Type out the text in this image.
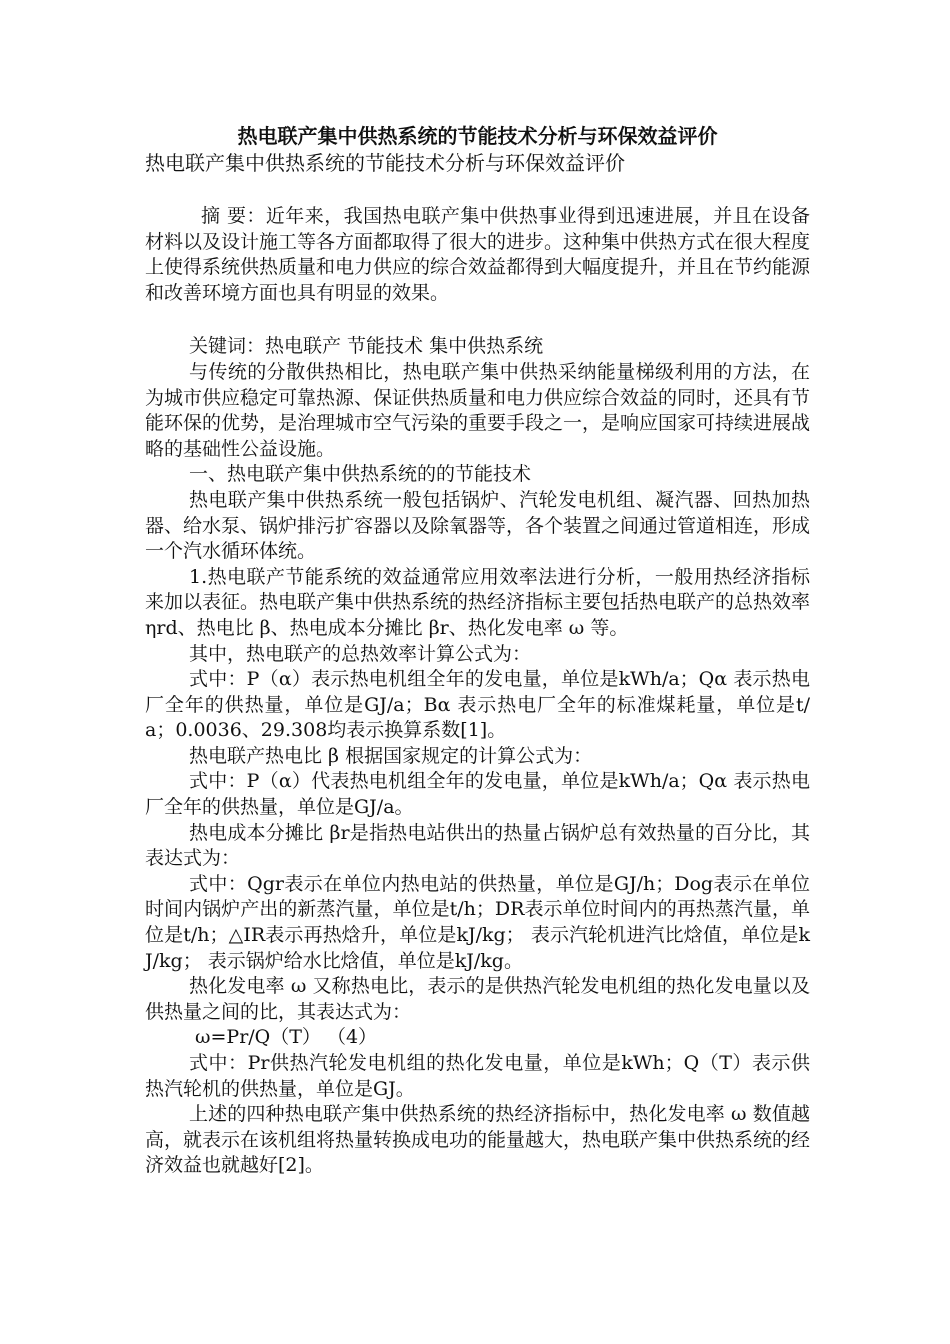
热电联产集中供热系统的节能技术分析与环保效益评价

热电联产集中供热系统的节能技术分析与环保效益评价

摘 要：近年来，我国热电联产集中供热事业得到迅速进展，并且在设备材料以及设计施工等各方面都取得了很大的进步。这种集中供热方式在很大程度上使得系统供热质量和电力供应的综合效益都得到大幅度提升，并且在节约能源和改善环境方面也具有明显的效果。

关键词：热电联产 节能技术 集中供热系统

与传统的分散供热相比，热电联产集中供热采纳能量梯级利用的方法，在为城市供应稳定可靠热源、保证供热质量和电力供应综合效益的同时，还具有节能环保的优势，是治理城市空气污染的重要手段之一，是响应国家可持续进展战略的基础性公益设施。

一、热电联产集中供热系统的的节能技术

热电联产集中供热系统一般包括锅炉、汽轮发电机组、凝汽器、回热加热器、给水泵、锅炉排污扩容器以及除氧器等，各个装置之间通过管道相连，形成一个汽水循环体统。

1.热电联产节能系统的效益通常应用效率法进行分析，一般用热经济指标来加以表征。热电联产集中供热系统的热经济指标主要包括热电联产的总热效率 ηrd、热电比 β、热电成本分摊比 βr、热化发电率 ω 等。

其中，热电联产的总热效率计算公式为：

式中：P（α）表示热电机组全年的发电量，单位是kWh/a；Qα 表示热电厂全年的供热量，单位是GJ/a；Bα 表示热电厂全年的标准煤耗量，单位是t/a；0.0036、29.308均表示换算系数[1]。

热电联产热电比 β 根据国家规定的计算公式为：

式中：P（α）代表热电机组全年的发电量，单位是kWh/a；Qα 表示热电厂全年的供热量，单位是GJ/a。

热电成本分摊比 βr是指热电站供出的热量占锅炉总有效热量的百分比，其表达式为：

式中：Qgr表示在单位内热电站的供热量，单位是GJ/h；Dog表示在单位时间内锅炉产出的新蒸汽量，单位是t/h；DR表示单位时间内的再热蒸汽量，单位是t/h；△IR表示再热焓升，单位是kJ/kg； 表示汽轮机进汽比焓值，单位是kJ/kg； 表示锅炉给水比焓值，单位是kJ/kg。

热化发电率 ω 又称热电比，表示的是供热汽轮发电机组的热化发电量以及供热量之间的比，其表达式为：

ω=Pr/Q（T） （4）

式中：Pr供热汽轮发电机组的热化发电量，单位是kWh；Q（T）表示供热汽轮机的供热量，单位是GJ。

上述的四种热电联产集中供热系统的热经济指标中，热化发电率 ω 数值越高，就表示在该机组将热量转换成电功的能量越大，热电联产集中供热系统的经济效益也就越好[2]。
